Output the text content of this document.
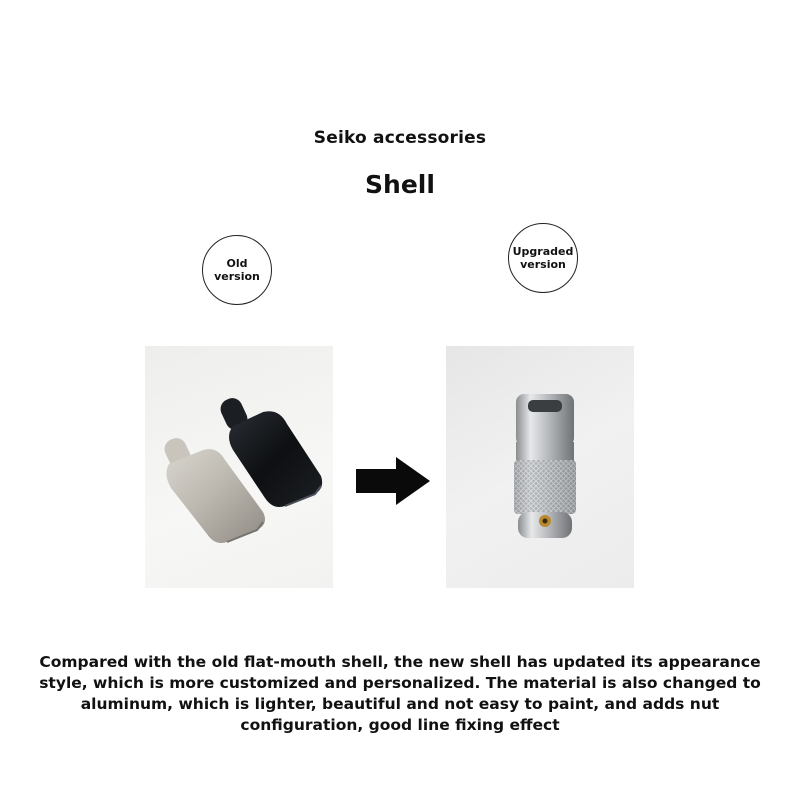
Seiko accessories
Shell
Old version
Upgraded version
Compared with the old flat-mouth shell, the new shell has updated its appearance style, which is more customized and personalized. The material is also changed to aluminum, which is lighter, beautiful and not easy to paint, and adds nut configuration, good line fixing effect
